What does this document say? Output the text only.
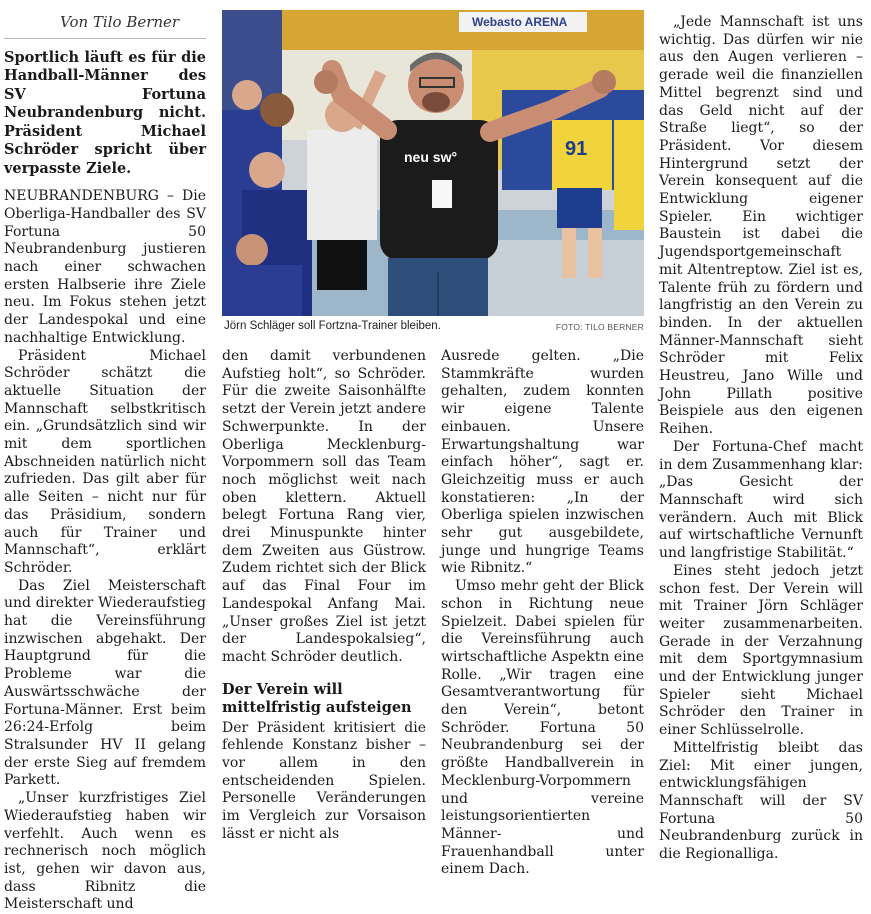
Von Tilo Berner

Sportlich läuft es für die Handball-Männer des SV Fortuna Neubrandenburg nicht. Präsident Michael Schröder spricht über verpasste Ziele.

NEUBRANDENBURG – Die Oberliga-Handballer des SV Fortuna 50 Neubrandenburg justieren nach einer schwachen ersten Halbserie ihre Ziele neu. Im Fokus stehen jetzt der Landespokal und eine nachhaltige Entwicklung.

Präsident Michael Schröder schätzt die aktuelle Situation der Mannschaft selbstkritisch ein. „Grundsätzlich sind wir mit dem sportlichen Abschneiden natürlich nicht zufrieden. Das gilt aber für alle Seiten – nicht nur für das Präsidium, sondern auch für Trainer und Mannschaft“, erklärt Schröder.

Das Ziel Meisterschaft und direkter Wiederaufstieg hat die Vereinsführung inzwischen abgehakt. Der Hauptgrund für die Probleme war die Auswärtsschwäche der Fortuna-Männer. Erst beim 26:24-Erfolg beim Stralsunder HV II gelang der erste Sieg auf fremdem Parkett.

„Unser kurzfristiges Ziel Wiederaufstieg haben wir verfehlt. Auch wenn es rechnerisch noch möglich ist, gehen wir davon aus, dass Ribnitz die Meisterschaft und

Webasto ARENA
91
neu sw°
Jörn Schläger soll Fortzna-Trainer bleiben.	FOTO: TILO BERNER

den damit verbundenen Aufstieg holt“, so Schröder. Für die zweite Saisonhälfte setzt der Verein jetzt andere Schwerpunkte. In der Oberliga Mecklenburg-Vorpommern soll das Team noch möglichst weit nach oben klettern. Aktuell belegt Fortuna Rang vier, drei Minuspunkte hinter dem Zweiten aus Güstrow. Zudem richtet sich der Blick auf das Final Four im Landespokal Anfang Mai. „Unser großes Ziel ist jetzt der Landespokalsieg“, macht Schröder deutlich.

Der Verein will mittelfristig aufsteigen

Der Präsident kritisiert die fehlende Konstanz bisher – vor allem in den entscheidenden Spielen. Personelle Veränderungen im Vergleich zur Vorsaison lässt er nicht als

Ausrede gelten. „Die Stammkräfte wurden gehalten, zudem konnten wir eigene Talente einbauen. Unsere Erwartungshaltung war einfach höher“, sagt er. Gleichzeitig muss er auch konstatieren: „In der Oberliga spielen inzwischen sehr gut ausgebildete, junge und hungrige Teams wie Ribnitz.“

Umso mehr geht der Blick schon in Richtung neue Spielzeit. Dabei spielen für die Vereinsführung auch wirtschaftliche Aspektn eine Rolle. „Wir tragen eine Gesamtverantwortung für den Verein“, betont Schröder. Fortuna 50 Neubrandenburg sei der größte Handballverein in Mecklenburg-Vorpommern und vereine leistungsorientierten Männer- und Frauenhandball unter einem Dach.

„Jede Mannschaft ist uns wichtig. Das dürfen wir nie aus den Augen verlieren – gerade weil die finanziellen Mittel begrenzt sind und das Geld nicht auf der Straße liegt“, so der Präsident. Vor diesem Hintergrund setzt der Verein konsequent auf die Entwicklung eigener Spieler. Ein wichtiger Baustein ist dabei die Jugendsportgemeinschaft mit Altentreptow. Ziel ist es, Talente früh zu fördern und langfristig an den Verein zu binden. In der aktuellen Männer-Mannschaft sieht Schröder mit Felix Heustreu, Jano Wille und John Pillath positive Beispiele aus den eigenen Reihen.

Der Fortuna-Chef macht in dem Zusammenhang klar: „Das Gesicht der Mannschaft wird sich verändern. Auch mit Blick auf wirtschaftliche Vernunft und langfristige Stabilität.“

Eines steht jedoch jetzt schon fest. Der Verein will mit Trainer Jörn Schläger weiter zusammenarbeiten. Gerade in der Verzahnung mit dem Sportgymnasium und der Entwicklung junger Spieler sieht Michael Schröder den Trainer in einer Schlüsselrolle.

Mittelfristig bleibt das Ziel: Mit einer jungen, entwicklungsfähigen Mannschaft will der SV Fortuna 50 Neubrandenburg zurück in die Regionalliga.
